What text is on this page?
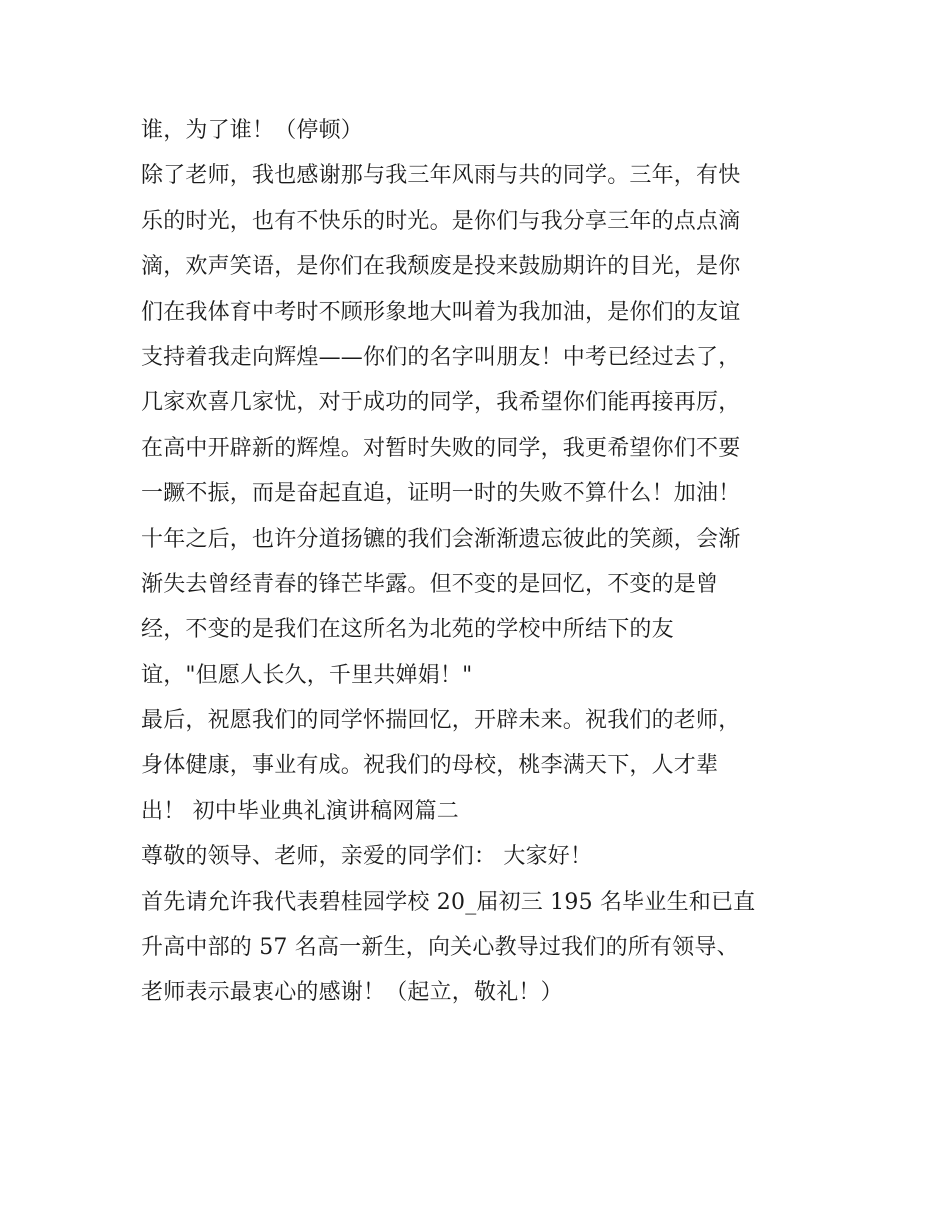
谁，为了谁！（停顿）
除了老师，我也感谢那与我三年风雨与共的同学。三年，有快
乐的时光，也有不快乐的时光。是你们与我分享三年的点点滴
滴，欢声笑语，是你们在我颓废是投来鼓励期许的目光，是你
们在我体育中考时不顾形象地大叫着为我加油，是你们的友谊
支持着我走向辉煌——你们的名字叫朋友！中考已经过去了，
几家欢喜几家忧，对于成功的同学，我希望你们能再接再厉，
在高中开辟新的辉煌。对暂时失败的同学，我更希望你们不要
一蹶不振，而是奋起直追，证明一时的失败不算什么！加油！
十年之后，也许分道扬镳的我们会渐渐遗忘彼此的笑颜，会渐
渐失去曾经青春的锋芒毕露。但不变的是回忆，不变的是曾
经，不变的是我们在这所名为北苑的学校中所结下的友
谊，"但愿人长久，千里共婵娟！"
最后，祝愿我们的同学怀揣回忆，开辟未来。祝我们的老师，
身体健康，事业有成。祝我们的母校，桃李满天下，人才辈
出！ 初中毕业典礼演讲稿网篇二
尊敬的领导、老师，亲爱的同学们： 大家好！
首先请允许我代表碧桂园学校 20_届初三 195 名毕业生和已直
升高中部的 57 名高一新生，向关心教导过我们的所有领导、
老师表示最衷心的感谢！（起立，敬礼！）
